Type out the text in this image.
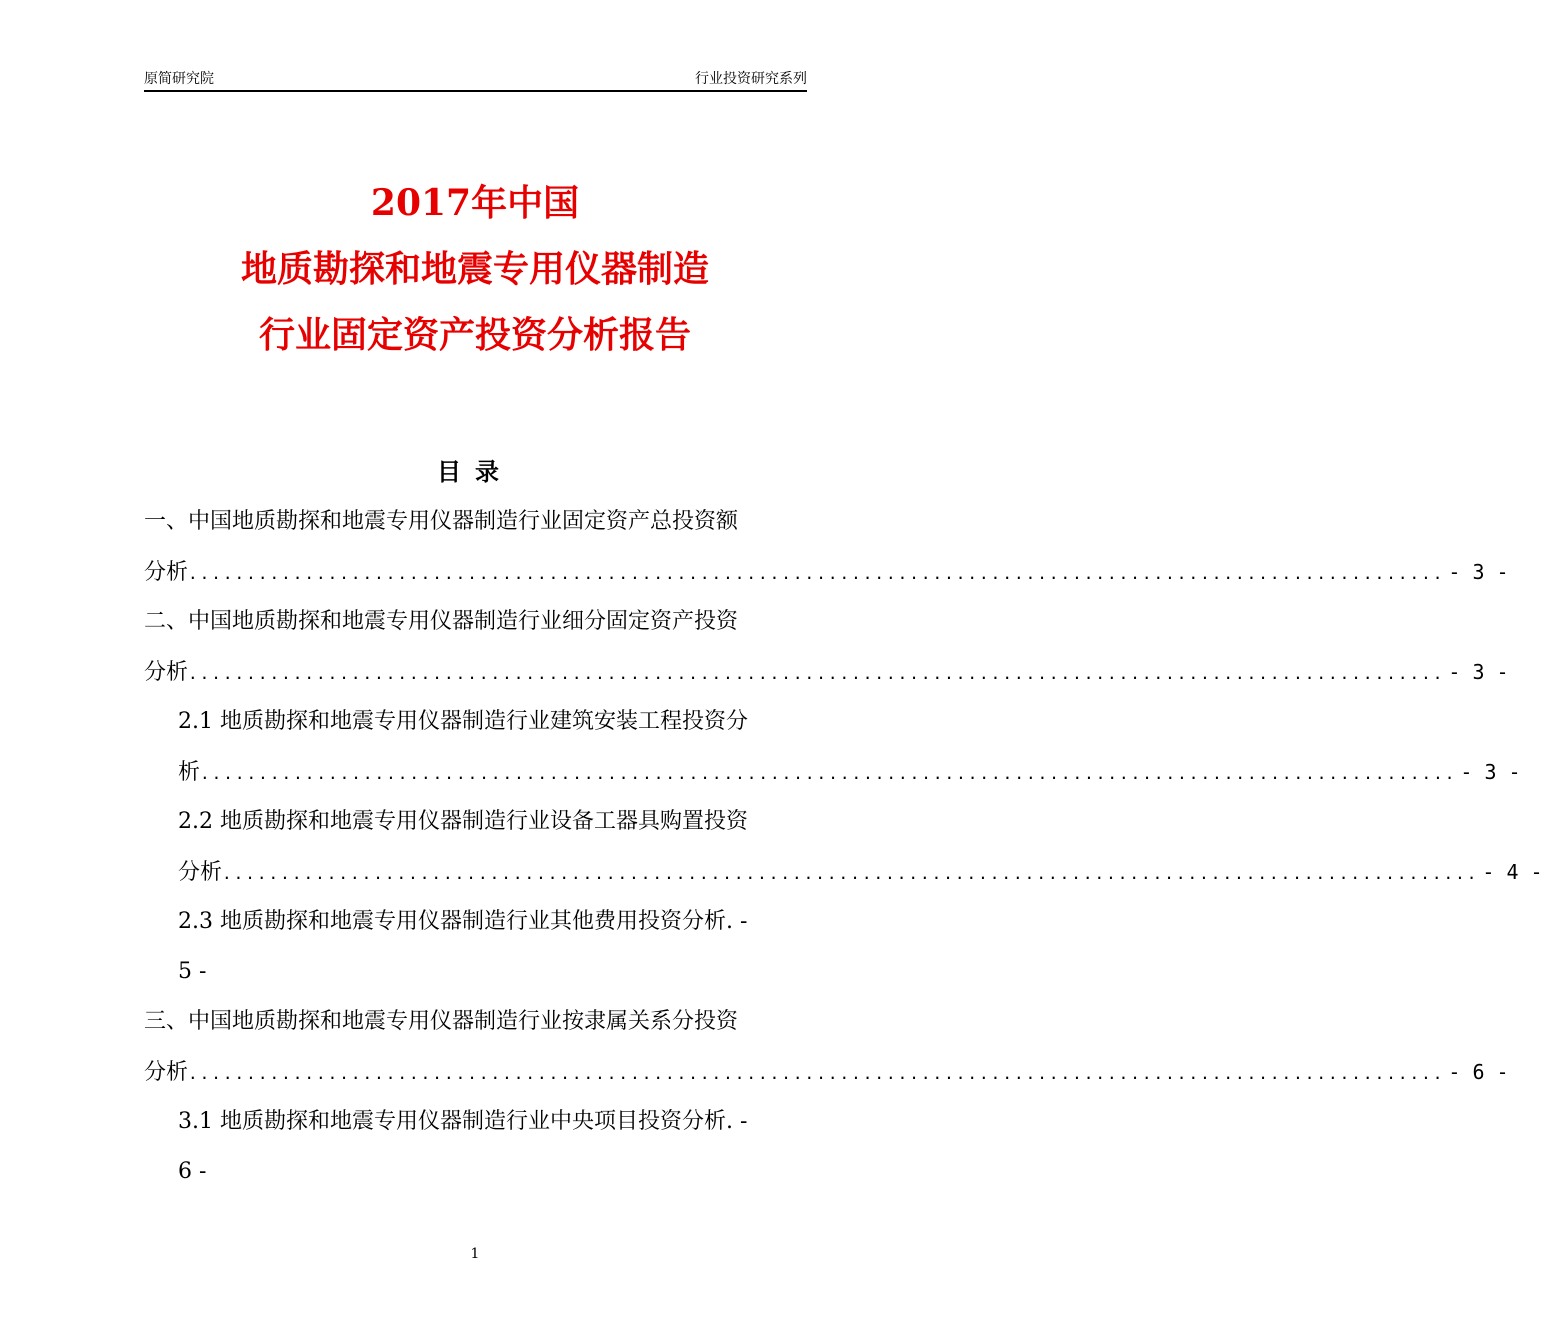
原简研究院	行业投资研究系列
2017年中国
地质勘探和地震专用仪器制造
行业固定资产投资分析报告
目录
一、中国地质勘探和地震专用仪器制造行业固定资产总投资额
分析 ............................................................................................................ - 3 -
二、中国地质勘探和地震专用仪器制造行业细分固定资产投资
分析 ............................................................................................................ - 3 -
2.1 地质勘探和地震专用仪器制造行业建筑安装工程投资分
析 ............................................................................................................ - 3 -
2.2 地质勘探和地震专用仪器制造行业设备工器具购置投资
分析 ............................................................................................................ - 4 -
2.3 地质勘探和地震专用仪器制造行业其他费用投资分析. -
5 -
三、中国地质勘探和地震专用仪器制造行业按隶属关系分投资
分析 ............................................................................................................ - 6 -
3.1 地质勘探和地震专用仪器制造行业中央项目投资分析. -
6 -
1
